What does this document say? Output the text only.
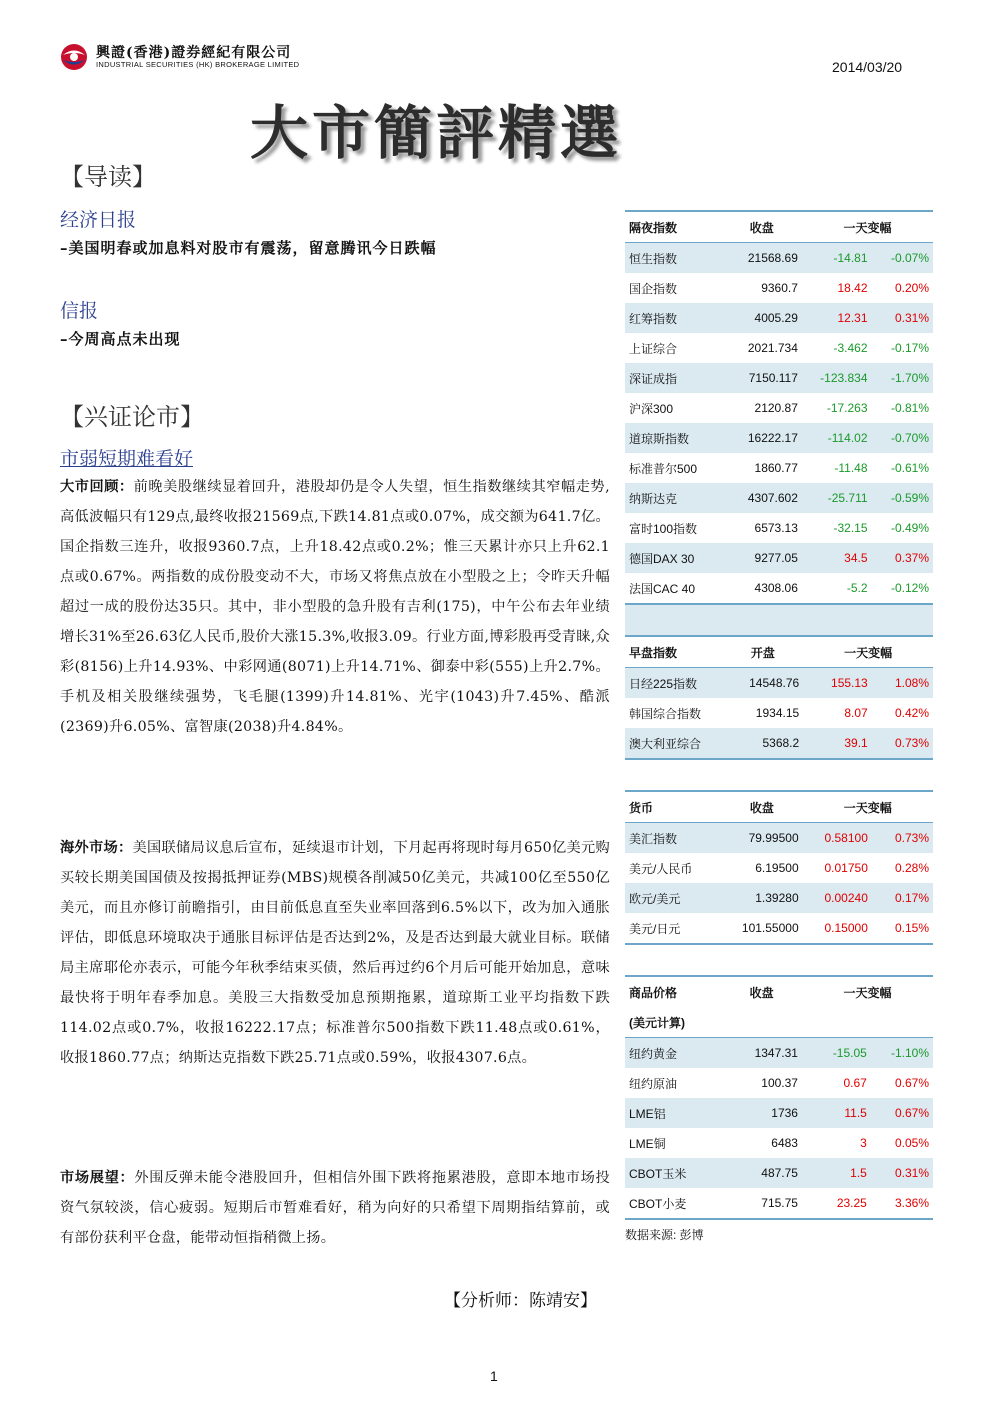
興證(香港)證券經紀有限公司
INDUSTRIAL SECURITIES (HK) BROKERAGE LIMITED	2014/03/20
大市簡評精選
【导读】
经济日报
–美国明春或加息料对股市有震荡，留意腾讯今日跌幅
信报
–今周高点未出现
【兴证论市】
市弱短期难看好
大市回顾：前晚美股继续显着回升，港股却仍是令人失望，恒生指数继续其窄幅走势,高低波幅只有129点,最终收报21569点,下跌14.81点或0.07%，成交额为641.7亿。国企指数三连升，收报9360.7点，上升18.42点或0.2%；惟三天累计亦只上升62.1点或0.67%。两指数的成份股变动不大，市场又将焦点放在小型股之上；令昨天升幅超过一成的股份达35只。其中，非小型股的急升股有吉利(175)，中午公布去年业绩增长31%至26.63亿人民币,股价大涨15.3%,收报3.09。行业方面,博彩股再受青睐,众彩(8156)上升14.93%、中彩网通(8071)上升14.71%、御泰中彩(555)上升2.7%。手机及相关股继续强势，飞毛腿(1399)升14.81%、光宇(1043)升7.45%、酷派(2369)升6.05%、富智康(2038)升4.84%。
海外市场：美国联储局议息后宣布，延续退市计划，下月起再将现时每月650亿美元购买较长期美国国债及按揭抵押证券(MBS)规模各削减50亿美元，共减100亿至550亿美元，而且亦修订前瞻指引，由目前低息直至失业率回落到6.5%以下，改为加入通胀评估，即低息环境取决于通胀目标评估是否达到2%，及是否达到最大就业目标。联储局主席耶伦亦表示，可能今年秋季结束买债，然后再过约6个月后可能开始加息，意味最快将于明年春季加息。美股三大指数受加息预期拖累，道琼斯工业平均指数下跌114.02点或0.7%，收报16222.17点；标准普尔500指数下跌11.48点或0.61%，收报1860.77点；纳斯达克指数下跌25.71点或0.59%，收报4307.6点。
市场展望：外围反弹未能令港股回升，但相信外围下跌将拖累港股，意即本地市场投资气氛较淡，信心疲弱。短期后市暂难看好，稍为向好的只希望下周期指结算前，或有部份获利平仓盘，能带动恒指稍微上扬。
【分析师：陈靖安】
隔夜指数	收盘	一天变幅	
恒生指数	21568.69	-14.81	-0.07%
国企指数	9360.7	18.42	0.20%
红筹指数	4005.29	12.31	0.31%
上证综合	2021.734	-3.462	-0.17%
深证成指	7150.117	-123.834	-1.70%
沪深300	2120.87	-17.263	-0.81%
道琼斯指数	16222.17	-114.02	-0.70%
标准普尔500	1860.77	-11.48	-0.61%
纳斯达克	4307.602	-25.711	-0.59%
富时100指数	6573.13	-32.15	-0.49%
德国DAX 30	9277.05	34.5	0.37%
法国CAC 40	4308.06	-5.2	-0.12%
早盘指数	开盘	一天变幅	
日经225指数	14548.76	155.13	1.08%
韩国综合指数	1934.15	8.07	0.42%
澳大利亚综合	5368.2	39.1	0.73%
货币	收盘	一天变幅	
美汇指数	79.99500	0.58100	0.73%
美元/人民币	6.19500	0.01750	0.28%
欧元/美元	1.39280	0.00240	0.17%
美元/日元	101.55000	0.15000	0.15%
商品价格	收盘	一天变幅	
(美元计算)			
纽约黄金	1347.31	-15.05	-1.10%
纽约原油	100.37	0.67	0.67%
LME铝	1736	11.5	0.67%
LME铜	6483	3	0.05%
CBOT玉米	487.75	1.5	0.31%
CBOT小麦	715.75	23.25	3.36%
数据来源: 彭博
1
